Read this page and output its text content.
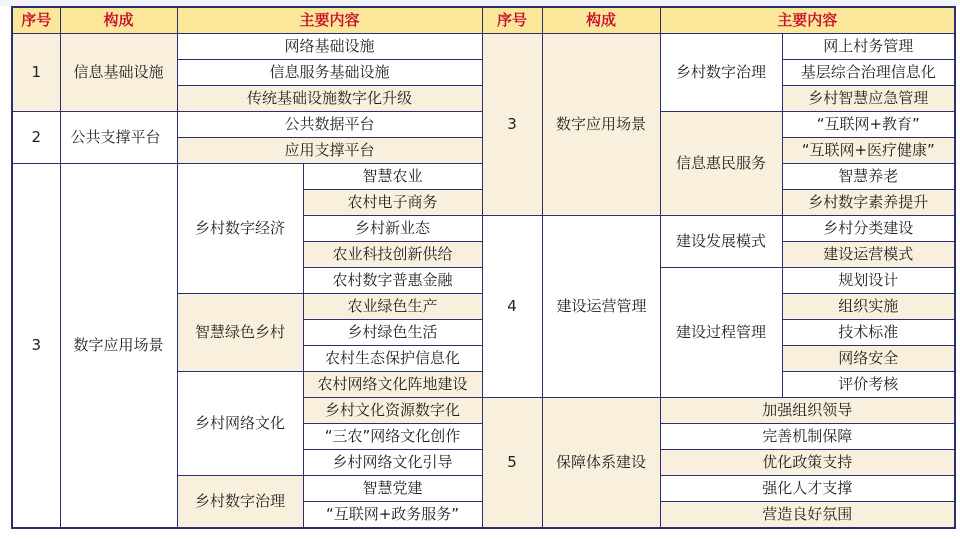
序号	构成	主要内容		序号	构成	主要内容	
1	信息基础设施	网络基础设施		3	数字应用场景	乡村数字治理	网上村务管理
		信息服务基础设施					基层综合治理信息化
		传统基础设施数字化升级					乡村智慧应急管理
2	公共支撑平台	公共数据平台				信息惠民服务	“互联网+教育”
		应用支撑平台					“互联网+医疗健康”
3	数字应用场景	乡村数字经济	智慧农业				智慧养老
			农村电子商务				乡村数字素养提升
			乡村新业态	4	建设运营管理	建设发展模式	乡村分类建设
			农业科技创新供给				建设运营模式
			农村数字普惠金融			建设过程管理	规划设计
		智慧绿色乡村	农业绿色生产				组织实施
			乡村绿色生活				技术标准
			农村生态保护信息化				网络安全
		乡村网络文化	农村网络文化阵地建设				评价考核
			乡村文化资源数字化	5	保障体系建设	加强组织领导	
			“三农”网络文化创作			完善机制保障	
			乡村网络文化引导			优化政策支持	
		乡村数字治理	智慧党建			强化人才支撑	
			“互联网+政务服务”			营造良好氛围	
